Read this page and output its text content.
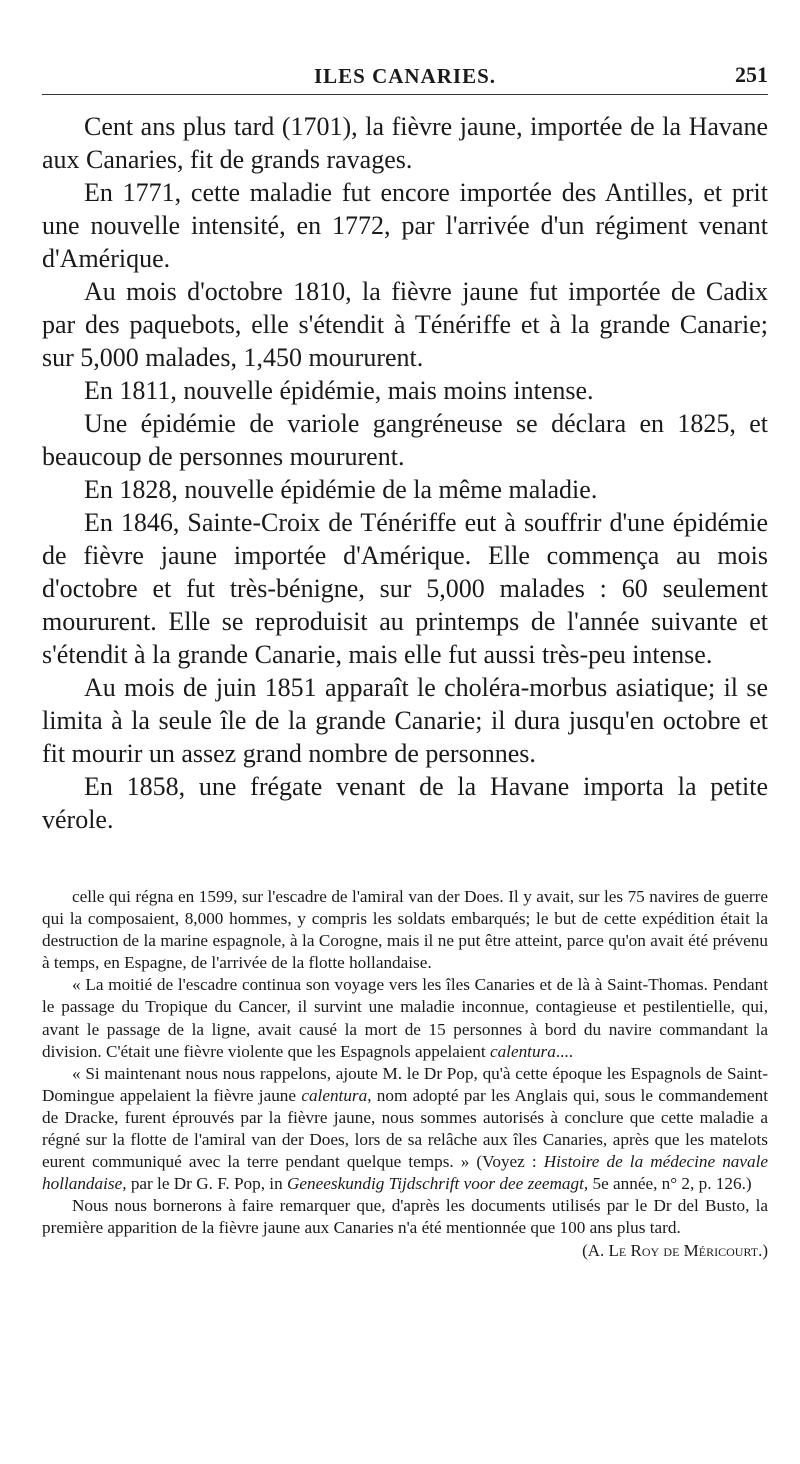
ILES CANARIES.	251

Cent ans plus tard (1701), la fièvre jaune, importée de la Havane aux Canaries, fit de grands ravages.

En 1771, cette maladie fut encore importée des Antilles, et prit une nouvelle intensité, en 1772, par l'arrivée d'un régiment venant d'Amérique.

Au mois d'octobre 1810, la fièvre jaune fut importée de Cadix par des paquebots, elle s'étendit à Ténériffe et à la grande Canarie; sur 5,000 malades, 1,450 moururent.

En 1811, nouvelle épidémie, mais moins intense.

Une épidémie de variole gangréneuse se déclara en 1825, et beaucoup de personnes moururent.

En 1828, nouvelle épidémie de la même maladie.

En 1846, Sainte-Croix de Ténériffe eut à souffrir d'une épidémie de fièvre jaune importée d'Amérique. Elle commença au mois d'octobre et fut très-bénigne, sur 5,000 malades : 60 seulement moururent. Elle se reproduisit au printemps de l'année suivante et s'étendit à la grande Canarie, mais elle fut aussi très-peu intense.

Au mois de juin 1851 apparaît le choléra-morbus asiatique; il se limita à la seule île de la grande Canarie; il dura jusqu'en octobre et fit mourir un assez grand nombre de personnes.

En 1858, une frégate venant de la Havane importa la petite vérole.

celle qui régna en 1599, sur l'escadre de l'amiral van der Does. Il y avait, sur les 75 navires de guerre qui la composaient, 8,000 hommes, y compris les soldats embarqués; le but de cette expédition était la destruction de la marine espagnole, à la Corogne, mais il ne put être atteint, parce qu'on avait été prévenu à temps, en Espagne, de l'arrivée de la flotte hollandaise.

« La moitié de l'escadre continua son voyage vers les îles Canaries et de là à Saint-Thomas. Pendant le passage du Tropique du Cancer, il survint une maladie inconnue, contagieuse et pestilentielle, qui, avant le passage de la ligne, avait causé la mort de 15 personnes à bord du navire commandant la division. C'était une fièvre violente que les Espagnols appelaient calentura....

« Si maintenant nous nous rappelons, ajoute M. le Dr Pop, qu'à cette époque les Espagnols de Saint-Domingue appelaient la fièvre jaune calentura, nom adopté par les Anglais qui, sous le commandement de Dracke, furent éprouvés par la fièvre jaune, nous sommes autorisés à conclure que cette maladie a régné sur la flotte de l'amiral van der Does, lors de sa relâche aux îles Canaries, après que les matelots eurent communiqué avec la terre pendant quelque temps. » (Voyez : Histoire de la médecine navale hollandaise, par le Dr G. F. Pop, in Geneeskundig Tijdschrift voor dee zeemagt, 5e année, n° 2, p. 126.)

Nous nous bornerons à faire remarquer que, d'après les documents utilisés par le Dr del Busto, la première apparition de la fièvre jaune aux Canaries n'a été mentionnée que 100 ans plus tard.

(A. Le Roy de Méricourt.)
